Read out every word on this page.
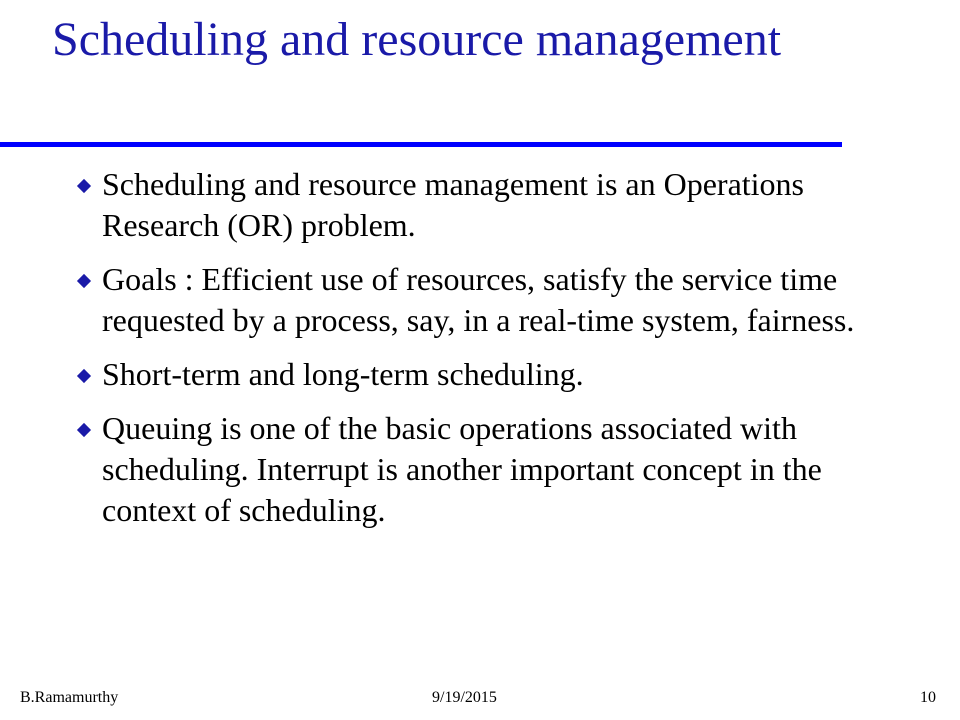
Scheduling and resource management
Scheduling and resource management is an Operations Research (OR) problem.
Goals : Efficient use of resources, satisfy the service time requested by a process, say, in a real-time system, fairness.
Short-term and long-term scheduling.
Queuing is one of the basic operations associated with scheduling. Interrupt is another important concept in the context of scheduling.
B.Ramamurthy	9/19/2015	10
